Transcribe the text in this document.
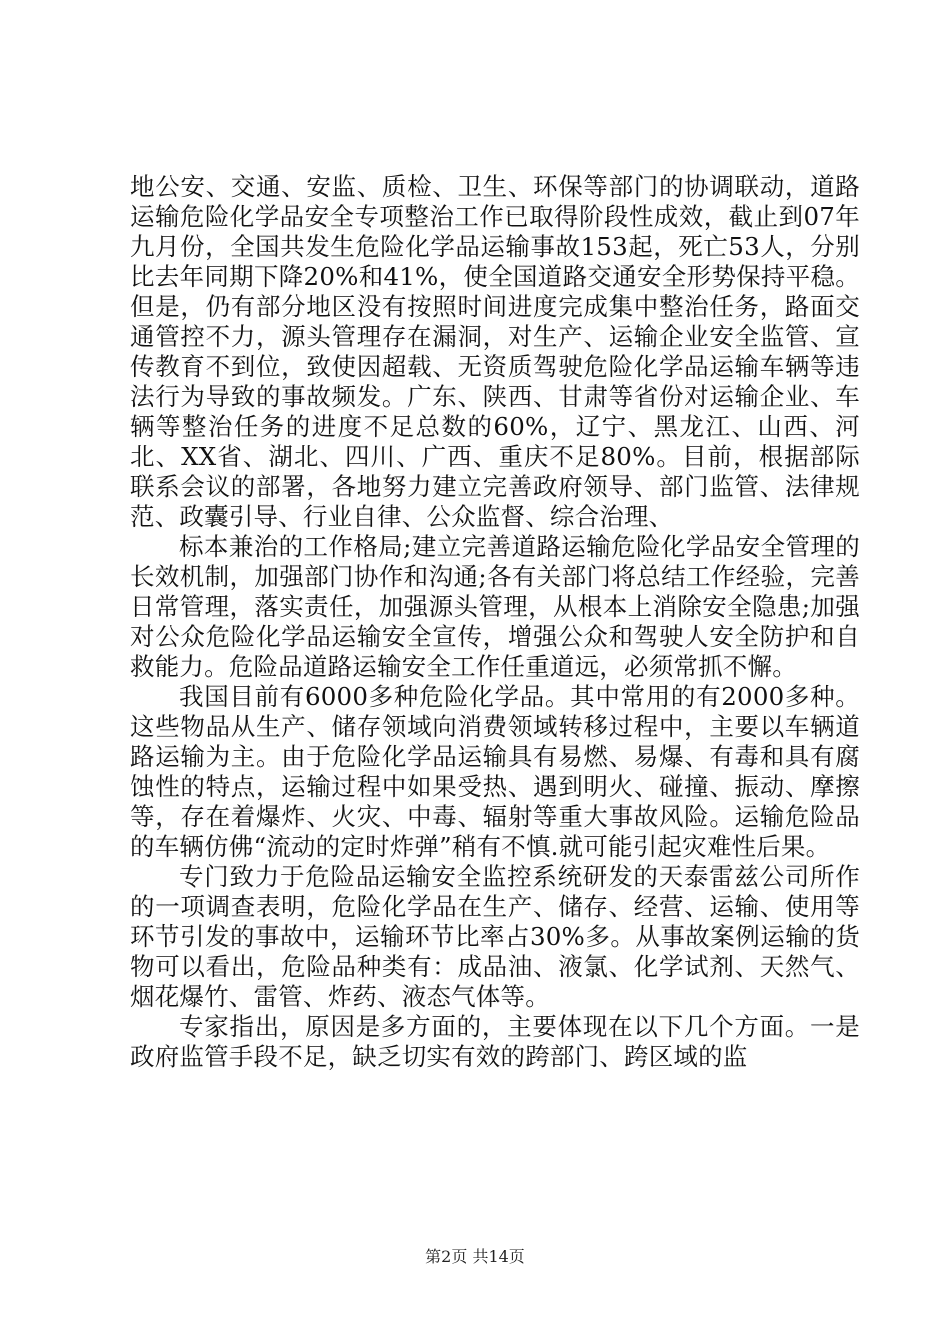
地公安、交通、安监、质检、卫生、环保等部门的协调联动，道路运输危险化学品安全专项整治工作已取得阶段性成效，截止到07年九月份，全国共发生危险化学品运输事故153起，死亡53人，分别比去年同期下降20%和41%，使全国道路交通安全形势保持平稳。但是，仍有部分地区没有按照时间进度完成集中整治任务，路面交通管控不力，源头管理存在漏洞，对生产、运输企业安全监管、宣传教育不到位，致使因超载、无资质驾驶危险化学品运输车辆等违法行为导致的事故频发。广东、陕西、甘肃等省份对运输企业、车辆等整治任务的进度不足总数的60%，辽宁、黑龙江、山西、河北、XX省、湖北、四川、广西、重庆不足80%。目前，根据部际联系会议的部署，各地努力建立完善政府领导、部门监管、法律规范、政囊引导、行业自律、公众监督、综合治理、

标本兼治的工作格局;建立完善道路运输危险化学品安全管理的长效机制，加强部门协作和沟通;各有关部门将总结工作经验，完善日常管理，落实责任，加强源头管理，从根本上消除安全隐患;加强对公众危险化学品运输安全宣传，增强公众和驾驶人安全防护和自救能力。危险品道路运输安全工作任重道远，必须常抓不懈。

我国目前有6000多种危险化学品。其中常用的有2000多种。这些物品从生产、储存领域向消费领域转移过程中，主要以车辆道路运输为主。由于危险化学品运输具有易燃、易爆、有毒和具有腐蚀性的特点，运输过程中如果受热、遇到明火、碰撞、振动、摩擦等，存在着爆炸、火灾、中毒、辐射等重大事故风险。运输危险品的车辆仿佛“流动的定时炸弹”稍有不慎.就可能引起灾难性后果。

专门致力于危险品运输安全监控系统研发的天泰雷兹公司所作的一项调查表明，危险化学品在生产、储存、经营、运输、使用等环节引发的事故中，运输环节比率占30%多。从事故案例运输的货物可以看出，危险品种类有：成品油、液氯、化学试剂、天然气、烟花爆竹、雷管、炸药、液态气体等。

专家指出，原因是多方面的，主要体现在以下几个方面。一是政府监管手段不足，缺乏切实有效的跨部门、跨区域的监

第2页 共14页
